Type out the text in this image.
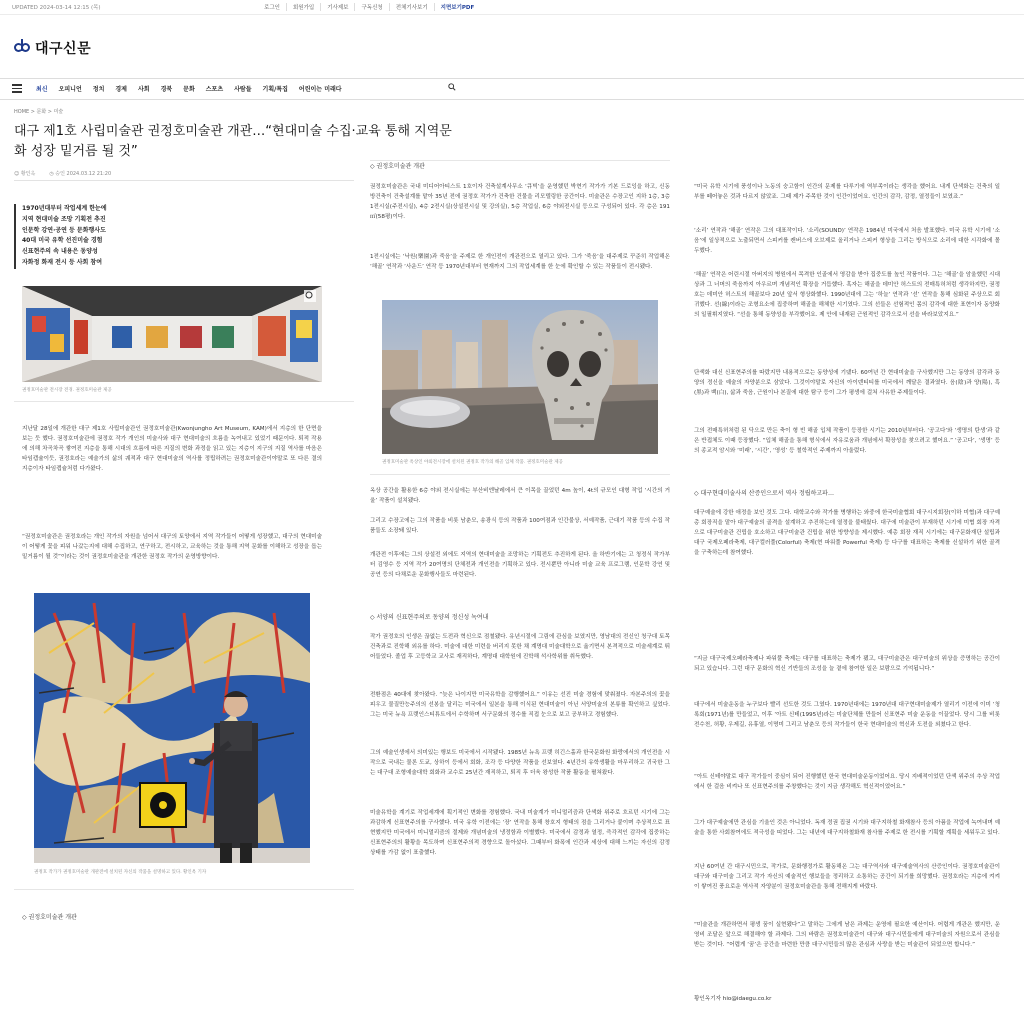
UPDATED 2024-03-14 12:15 (목)	로그인	회원가입	기사제보	구독신청	전체기사보기	지면보기PDF
대구신문
최신 오피니언 정치 경제 사회 경북 문화 스포츠 사람들 기획/특집 어린이는 미래다
HOME > 문화 > 미술
대구 제1호 사립미술관 권정호미술관 개관…“현대미술 수집·교육 통해 지역문화 성장 밑거름 될 것”
☺ 황인옥	◷ 승인 2024.03.12 21:20
1970년대부터 작업세계 한눈에
지역 현대미술 조망 기획전 추진
인문학 강연·공연 등 문화행사도
40대 미국 유학 선진미술 경험
신표현주의 속 내용은 동양성
자화정 화재 전시 등 사회 참여
권정호미술관 전시장 전경. 권정호미술관 제공
지난달 28일에 개관한 대구 제1호 사립미술관인 권정호미술관(Kwonjungho Art Museum, KAM)에서 지층의 한 단면을 보는 듯 했다. 권정호미술관에 권정호 작가 개인의 미술사와 대구 현대미술의 흐름을 녹여내고 있었기 때문이다. 퇴적 작용에 의해 차곡차곡 쌓여진 지층을 통해 시대의 흐름에 따른 지질의 변화 과정을 읽고 있는 지층이 지구의 지질 역사를 마음은 타임캡슐이듯, 권정호라는 예술가의 삶의 궤적과 대구 현대미술의 역사를 정립하려는 권정호미술관이야말로 또 다른 결의 지층이자 타임캡슐처럼 다가왔다.
“권정호미술관은 권정호라는 개인 작가의 자원을 넘어서 대구의 토양에서 지역 작가들이 어떻게 성장했고, 대구의 현대미술이 어떻게 꽃을 피워 나갔는지에 대해 수집하고, 연구하고, 전시하고, 교육하는 것을 통해 지역 문화를 이해하고 성장을 돕는 밑거름이 될 것”이라는 것이 권정호미술관을 개관한 권정호 작가의 운영방향이다.
권정호 작가가 권정호미술관 개관전에 설치된 자신의 작품을 설명하고 있다. 황인옥 기자
◇ 권정호미술관 개관
◇ 권정호미술관 개관
권정호미술관은 국내 미디어아티스트 1호이자 건축설계사무소 ‘큐빅’을 운영했던 박현기 작가가 기본 드로잉을 하고, 신동방건축이 건축설계를 맡아 35년 전에 권정호 작가가 건축한 건물을 리모델링한 공간이다. 미술관은 수장고인 지하 1층, 3층 1전시실(주전시실), 4층 2전시실(상설전시실 및 강의실), 5층 작업실, 6층 야외전시실 등으로 구성되어 있다. 각 층은 191㎡(58평)이다.
1전시실에는 ‘낙원(樂園)과 죽음’을 주제로 한 개인전이 개관전으로 열리고 있다. 그가 ‘죽음’을 대주제로 꾸준히 작업해온 ‘해골’ 연작과 ‘사운드’ 연작 등 1970년대부터 현재까지 그의 작업세계를 한 눈에 확인할 수 있는 작품들이 전시됐다.
권정호미술관 옥상인 야외전시장에 설치된 권정호 작가의 해골 입체 작품. 권정호미술관 제공
옥상 공간을 활용한 6층 야외 전시실에는 부산비엔날레에서 큰 이목을 끌었던 4m 높이, 4t의 규모인 대형 작업 ‘시간의 거울’ 작품이 설치됐다.
그리고 수장고에는 그의 작품을 비롯 남춘모, 송광식 등의 작품과 100여점과 인간불상, 서예작품, 근대기 작품 등의 수집 작품들도 소장돼 있다.
개관전 이후에는 그의 상설전 외에도 지역의 현대미술을 조망하는 기획전도 추진하게 된다. 올 하반기에는 고 청정식 작가부터 김영수 등 지역 작가 20여명의 단체전과 개인전을 기획하고 있다. 전시뿐만 아니라 미술 교육 프로그램, 인문학 강연 및 공연 등의 다채로운 문화행사들도 마련된다.
◇ 서양의 신표현주의로 동양의 정신성 녹여내
작가 권정호의 인생은 끊없는 도전과 혁신으로 점철됐다. 유년시절에 그림에 관심을 보였지만, 영남대의 전신인 청구대 토목건축과로 진학해 외유를 하다. 미술에 대한 미련을 버리지 못한 채 계명대 미술대학으로 옮기면서 본격적으로 미술세계로 뛰어들었다. 졸업 후 고등학교 교사로 재직하다, 계명대 대학원에 진학해 석사학위를 취득했다.
전환점은 40대에 찾아왔다. “늦은 나이지만 미국유학을 감행했어요.” 이유는 선진 미술 경험에 맞춰졌다. 자본주의의 꽃을 피우고 물질만능주의의 선봉을 달리는 미국에서 일본을 통해 이식된 현대미술이 아닌 서양미술의 본류를 확인하고 싶었다. 그는 미국 뉴욕 프랫인스티튜트에서 수학하며 서구문화의 정수를 직접 눈으로 보고 공부하고 경험했다.
그의 예술인생에서 의미있는 행보도 미국에서 시작됐다. 1985년 뉴욕 프랫 히긴스홀과 한국문화원 화랑에서의 개인전을 시작으로 국내는 물론 도쿄, 상하이 등에서 회화, 조각 등 다양한 작품을 선보였다. 4년간의 유학생활을 마무리하고 귀국한 그는 대구대 조형예술대학 회화과 교수로 25년간 재직하고, 퇴직 후 더욱 왕성한 작품 활동을 펼쳐왔다.
미술유학을 계기로 작업세계에 획기적인 변화를 경험했다. 국내 미술계가 미니멀리즘과 단색화 위주로 흐르던 시기에 그는 과감하게 신표현주의를 구사했다. 미국 유학 이전에는 ‘장’ 연작을 통해 창호지 형태의 점을 그리거나 붙이며 추상적으로 표현했지만 미국에서 미니멀리즘의 절제와 개념미술의 냉정함과 이별했다. 미국에서 감정과 열정, 즉각적인 감각에 집중하는 신표현주의의 활황을 목도하며 신표현주의적 경향으로 돌아섰다. 그때부터 화폭에 인간과 세상에 대해 느끼는 자신의 감정 상태를 가감 없이 표출했다.
“미국 유학 시기에 풍성이나 노동의 숭고함이 인간의 문제를 다루기에 역부족이라는 생각을 했어요. 내게 단색화는 건축의 일부를 떼어놓은 것과 다르지 않았죠. 그때 제가 주목한 것이 인간이었어요. 인간의 감각, 감정, 열정들이 보였죠.”
‘소리’ 연작과 ‘해골’ 연작은 그의 대표작이다. ‘소리(SOUND)’ 연작은 1984년 미국에서 처음 발표했다. 미국 유학 시기에 ‘소음’에 일상적으로 노출되면서 스피커를 캔버스에 오브제로 올리거나 스피커 형상을 그리는 방식으로 소리에 대한 시각화에 몰두했다.
‘해골’ 연작은 어린시절 아버지의 병원에서 목격한 인골에서 영감을 받아 집중도를 높인 작품이다. 그는 ‘해골’을 암울했던 시대상과 그 너머의 죽음까지 아우르며 개념적인 확장을 거듭했다. 혹자는 해골을 데미안 허스트의 전매특허처럼 생각하지만, 권정호는 데미안 허스트의 해골보다 20년 앞서 형상화했다. 1990년대에 그는 ‘하늘’ 연작과 ‘선’ 연작을 통해 심화된 주상으로 회귀했다. 선(線)이라는 조형요소에 집중하며 해골을 해체한 시기였다. 그의 선들은 선험적인 몸의 감각에 대한 표현이자 동양화의 일필휘지였다. “선을 통해 동양성을 부각했어요. 제 안에 내재된 근원적인 감각으로서 선을 바라보았지요.”
단색화 대신 신표현주의를 따랐지만 내용적으로는 동양성에 기댔다. 60여년 간 현대미술을 구사했지만 그는 동양의 감각과 동양의 정신을 예술의 자양분으로 삼았다. 그것이야말로 자신의 아이덴티티를 미국에서 깨달은 결과였다. 음(陰)과 양(陽), 흑(黑)과 백(白), 삶과 죽음, 근원이나 본질에 대한 탐구 등이 그가 평생에 걸쳐 사유한 주제들이다.
그의 전매특허처럼 된 닥으로 만든 축이 형 빈 해골 입체 작품이 등장한 시기는 2010년부터다. ‘공고다’와 ‘생명의 탄생’과 같은 반접체도 이때 등장했다. “입체 해골을 통해 형식에서 자유로움과 개념에서 확장성을 찾으려고 했어요.” ‘공고다’, ‘생명’ 등의 종교적 암시와 ‘미래’, ‘시간’, ‘영성’ 등 철학적인 주제까지 아울렀다.
◇ 대구현대미술사의 산증인으로서 역사 정립하고파…
대구예술에 강한 애정을 보인 것도 그다. 대학교수와 작가를 병행하는 와중에 한국미술협회 대구시지회장(이하 미협)과 대구예총 회장직을 맡아 대구예술의 골격을 설계하고 추진하는데 열정을 불태웠다. 대구에 미술관이 부재하던 시기에 미협 회장 자격으로 대구미술관 건립을 호소하고 대구미술관 건립을 위한 방향성을 제시했다. 예총 회장 재직 시기에는 대구문화재단 설립과 대구 국제오페라축제, 대구컬러풀(Colorful) 축제(현 파워풀 Powerful 축제) 등 다구를 대표하는 축제를 신설하기 위한 골격을 구축하는데 참여했다.
“지금 대구국제오페라축제나 파워풀 축제는 대구를 대표하는 축제가 됐고, 대구미술관은 대구미술의 위상을 증명하는 공간이 되고 있습니다. 그런 대구 문화의 혁신 기반들의 조성을 늘 곁에 참여한 일은 보람으로 기억됩니다.”
대구에서 미술운동을 누구보다 빨리 선도한 것도 그였다. 1970년대에는 1970년대 대구현대미술제가 열리기 이전에 이미 ‘청록회(1971년)를 만들었고, 이후 ‘아트 신테(1995년)라는 미술단체를 만들어 신표현주 미술 운동을 이끌었다. 당시 그를 비롯 전수천, 허황, 우제길, 유휴열, 이명미 그리고 남춘모 등의 작가들이 한국 현대미술의 혁신과 도전을 외쳤다고 한다.
“아트 신테야말로 대구 작가들이 중심이 되어 진행했던 한국 현대미술운동이었어요. 당시 지배적이었던 단색 위주의 추상 작업에서 한 걸음 비켜나 또 신표현주의를 주창했다는 것이 지금 생각해도 혁신적이었어요.”
그가 대구예술에만 관심을 기울인 것은 아니었다. 독재 정권 집권 시기와 대구지하철 화재참사 등의 아픔을 작업에 녹여내며 예술을 통한 사회참여에도 적극성을 띠었다. 그는 내년에 대구지하철화재 참사를 주제로 한 전시를 기획할 계획을 세워두고 있다.
지난 60여년 간 대구시민으로, 작가로, 문화행정가로 활동해온 그는 대구역사와 대구예술역사의 산증인이다. 권정호미술관이 대구와 대구미술 그리고 작가 자신의 예술적인 행보들을 정리하고 소통하는 공간이 되기를 희망했다. 권정호라는 지층에 켜켜이 쌓여진 풍요로운 역사적 자양분이 권정호미술관을 통해 전해지게 바랐다.
“미술관을 개관하면서 평생 꿈이 실현됐다”고 말하는 그에게 남은 과제는 운영에 필요한 예산이다. 어렵게 개관은 했지만, 운영비 조달은 앞으로 해결해야 할 과제다. 그의 바람은 권정호미술관이 대구와 대구시민들에게 대구미술의 자원으로서 관심을 받는 것이다. “어렵게 ‘꿈’은 공간을 마련한 만큼 대구시민들의 많은 관심과 사랑을 받는 미술관이 되었으면 합니다.”
황인옥기자 hio@idaegu.co.kr
